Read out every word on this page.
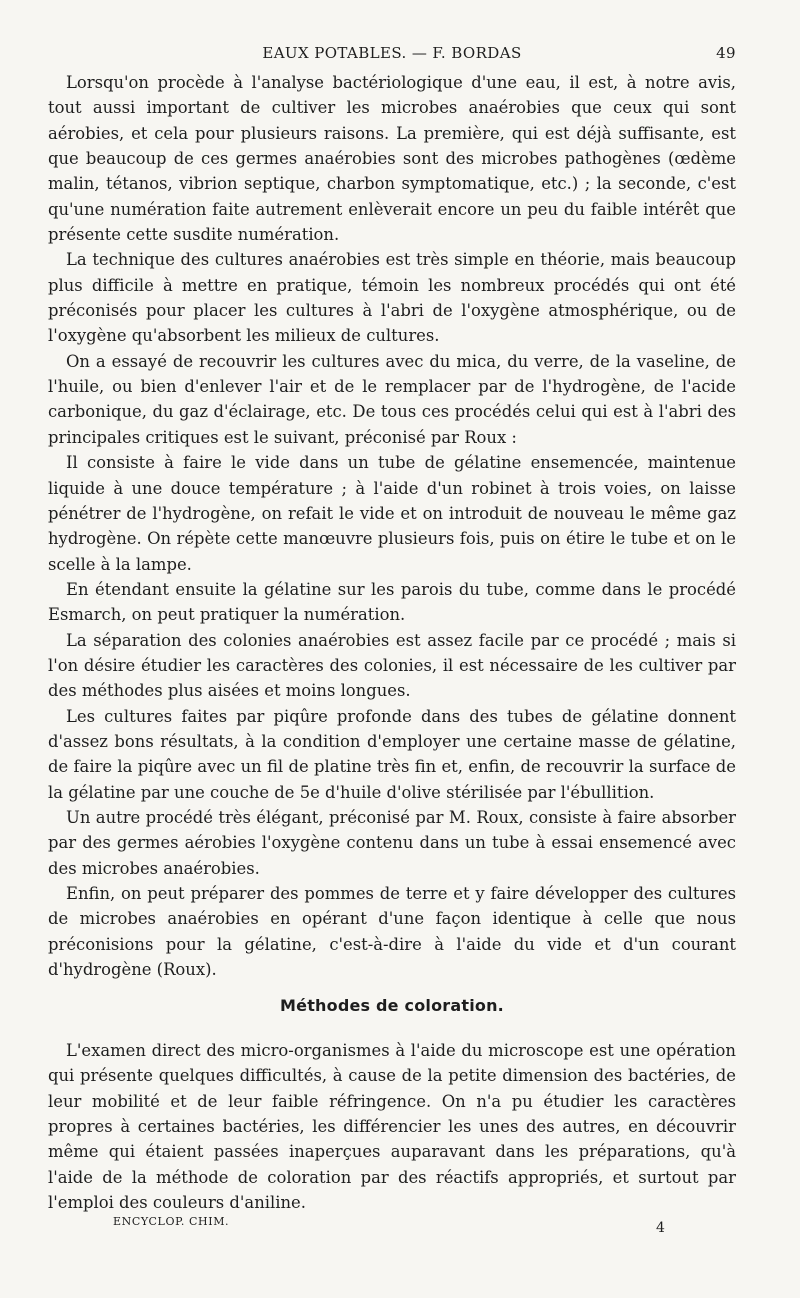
EAUX POTABLES. — F. BORDAS	49

Lorsqu'on procède à l'analyse bactériologique d'une eau, il est, à notre avis, tout aussi important de cultiver les microbes anaérobies que ceux qui sont aérobies, et cela pour plusieurs raisons. La première, qui est déjà suffisante, est que beaucoup de ces germes anaérobies sont des microbes pathogènes (œdème malin, tétanos, vibrion septique, charbon symptomatique, etc.) ; la seconde, c'est qu'une numération faite autrement enlèverait encore un peu du faible intérêt que présente cette susdite numération.

La technique des cultures anaérobies est très simple en théorie, mais beaucoup plus difficile à mettre en pratique, témoin les nombreux procédés qui ont été préconisés pour placer les cultures à l'abri de l'oxygène atmosphérique, ou de l'oxygène qu'absorbent les milieux de cultures.

On a essayé de recouvrir les cultures avec du mica, du verre, de la vaseline, de l'huile, ou bien d'enlever l'air et de le remplacer par de l'hydrogène, de l'acide carbonique, du gaz d'éclairage, etc. De tous ces procédés celui qui est à l'abri des principales critiques est le suivant, préconisé par Roux :

Il consiste à faire le vide dans un tube de gélatine ensemencée, maintenue liquide à une douce température ; à l'aide d'un robinet à trois voies, on laisse pénétrer de l'hydrogène, on refait le vide et on introduit de nouveau le même gaz hydrogène. On répète cette manœuvre plusieurs fois, puis on étire le tube et on le scelle à la lampe.

En étendant ensuite la gélatine sur les parois du tube, comme dans le procédé Esmarch, on peut pratiquer la numération.

La séparation des colonies anaérobies est assez facile par ce procédé ; mais si l'on désire étudier les caractères des colonies, il est nécessaire de les cultiver par des méthodes plus aisées et moins longues.

Les cultures faites par piqûre profonde dans des tubes de gélatine donnent d'assez bons résultats, à la condition d'employer une certaine masse de gélatine, de faire la piqûre avec un fil de platine très fin et, enfin, de recouvrir la surface de la gélatine par une couche de 5e d'huile d'olive stérilisée par l'ébullition.

Un autre procédé très élégant, préconisé par M. Roux, consiste à faire absorber par des germes aérobies l'oxygène contenu dans un tube à essai ensemencé avec des microbes anaérobies.

Enfin, on peut préparer des pommes de terre et y faire développer des cultures de microbes anaérobies en opérant d'une façon identique à celle que nous préconisions pour la gélatine, c'est-à-dire à l'aide du vide et d'un courant d'hydrogène (Roux).

Méthodes de coloration.

L'examen direct des micro-organismes à l'aide du microscope est une opération qui présente quelques difficultés, à cause de la petite dimension des bactéries, de leur mobilité et de leur faible réfringence. On n'a pu étudier les caractères propres à certaines bactéries, les différencier les unes des autres, en découvrir même qui étaient passées inaperçues auparavant dans les préparations, qu'à l'aide de la méthode de coloration par des réactifs appropriés, et surtout par l'emploi des couleurs d'aniline.

ENCYCLOP. CHIM.	4
